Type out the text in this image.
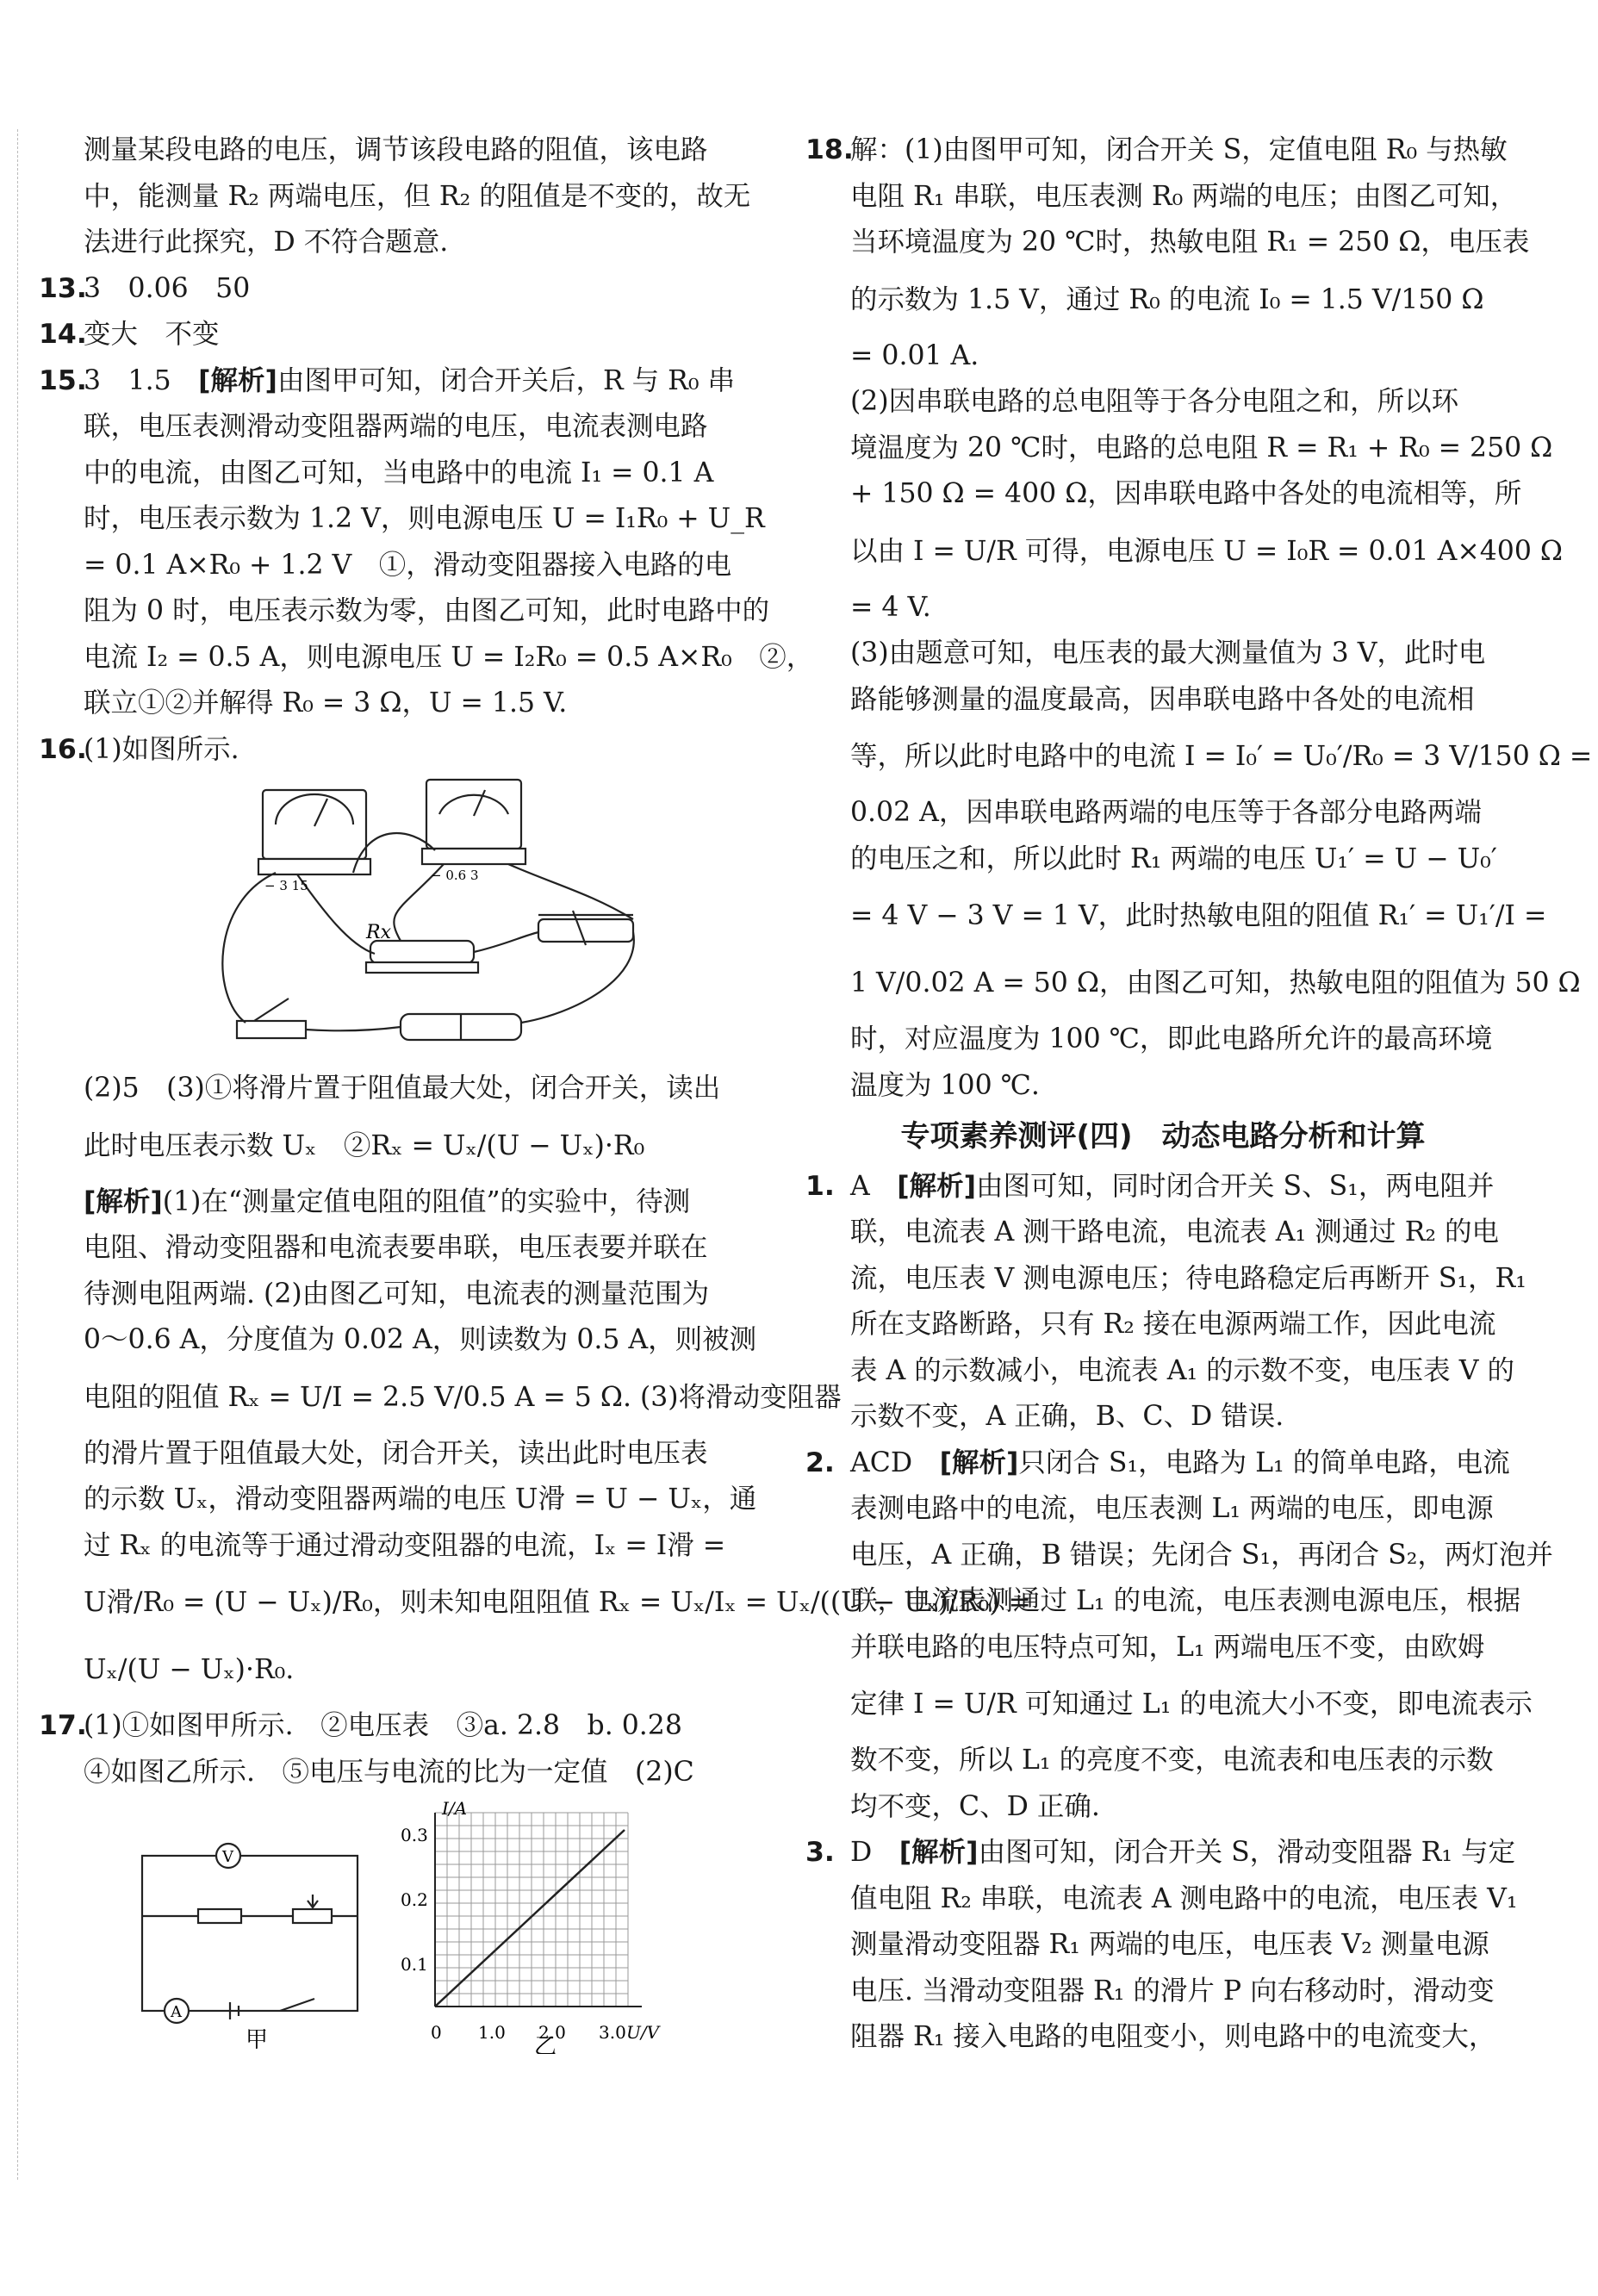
测量某段电路的电压，调节该段电路的阻值，该电路
中，能测量 R₂ 两端电压，但 R₂ 的阻值是不变的，故无
法进行此探究，D 不符合题意.
13.
3　0.06　50
14.
变大　不变
15.
3　1.5　[解析]由图甲可知，闭合开关后，R 与 R₀ 串
联，电压表测滑动变阻器两端的电压，电流表测电路
中的电流，由图乙可知，当电路中的电流 I₁ = 0.1 A
时，电压表示数为 1.2 V，则电源电压 U = I₁R₀ + U_R
= 0.1 A×R₀ + 1.2 V　①，滑动变阻器接入电路的电
阻为 0 时，电压表示数为零，由图乙可知，此时电路中的
电流 I₂ = 0.5 A，则电源电压 U = I₂R₀ = 0.5 A×R₀　②，
联立①②并解得 R₀ = 3 Ω，U = 1.5 V.
16.
(1)如图所示.
Rx
− 3 15
− 0.6 3
(2)5　(3)①将滑片置于阻值最大处，闭合开关，读出
此时电压表示数 Uₓ　②Rₓ = Uₓ/(U − Uₓ)·R₀
[解析](1)在“测量定值电阻的阻值”的实验中，待测
电阻、滑动变阻器和电流表要串联，电压表要并联在
待测电阻两端. (2)由图乙可知，电流表的测量范围为
0～0.6 A，分度值为 0.02 A，则读数为 0.5 A，则被测
电阻的阻值 Rₓ = U/I = 2.5 V/0.5 A = 5 Ω. (3)将滑动变阻器
的滑片置于阻值最大处，闭合开关，读出此时电压表
的示数 Uₓ，滑动变阻器两端的电压 U滑 = U − Uₓ，通
过 Rₓ 的电流等于通过滑动变阻器的电流，Iₓ = I滑 =
U滑/R₀ = (U − Uₓ)/R₀，则未知电阻阻值 Rₓ = Uₓ/Iₓ = Uₓ/((U − Uₓ)/R₀) =
Uₓ/(U − Uₓ)·R₀.
17.
(1)①如图甲所示.　②电压表　③a. 2.8　b. 0.28
④如图乙所示.　⑤电压与电流的比为一定值　(2)C
V
A
甲
I/A
U/V
0.3
0.2
0.1
0 1.0 2.0 3.0
乙
18.
解：(1)由图甲可知，闭合开关 S，定值电阻 R₀ 与热敏
电阻 R₁ 串联，电压表测 R₀ 两端的电压；由图乙可知，
当环境温度为 20 ℃时，热敏电阻 R₁ = 250 Ω，电压表
的示数为 1.5 V，通过 R₀ 的电流 I₀ = 1.5 V/150 Ω
= 0.01 A.
(2)因串联电路的总电阻等于各分电阻之和，所以环
境温度为 20 ℃时，电路的总电阻 R = R₁ + R₀ = 250 Ω
+ 150 Ω = 400 Ω，因串联电路中各处的电流相等，所
以由 I = U/R 可得，电源电压 U = I₀R = 0.01 A×400 Ω
= 4 V.
(3)由题意可知，电压表的最大测量值为 3 V，此时电
路能够测量的温度最高，因串联电路中各处的电流相
等，所以此时电路中的电流 I = I₀′ = U₀′/R₀ = 3 V/150 Ω =
0.02 A，因串联电路两端的电压等于各部分电路两端
的电压之和，所以此时 R₁ 两端的电压 U₁′ = U − U₀′
= 4 V − 3 V = 1 V，此时热敏电阻的阻值 R₁′ = U₁′/I =
1 V/0.02 A = 50 Ω，由图乙可知，热敏电阻的阻值为 50 Ω
时，对应温度为 100 ℃，即此电路所允许的最高环境
温度为 100 ℃.
专项素养测评(四)　动态电路分析和计算
1. A　[解析]由图可知，同时闭合开关 S、S₁，两电阻并
联，电流表 A 测干路电流，电流表 A₁ 测通过 R₂ 的电
流，电压表 V 测电源电压；待电路稳定后再断开 S₁，R₁
所在支路断路，只有 R₂ 接在电源两端工作，因此电流
表 A 的示数减小，电流表 A₁ 的示数不变，电压表 V 的
示数不变，A 正确，B、C、D 错误.
2. ACD　[解析]只闭合 S₁，电路为 L₁ 的简单电路，电流
表测电路中的电流，电压表测 L₁ 两端的电压，即电源
电压，A 正确，B 错误；先闭合 S₁，再闭合 S₂，两灯泡并
联，电流表测通过 L₁ 的电流，电压表测电源电压，根据
并联电路的电压特点可知，L₁ 两端电压不变，由欧姆
定律 I = U/R 可知通过 L₁ 的电流大小不变，即电流表示
数不变，所以 L₁ 的亮度不变，电流表和电压表的示数
均不变，C、D 正确.
3. D　[解析]由图可知，闭合开关 S，滑动变阻器 R₁ 与定
值电阻 R₂ 串联，电流表 A 测电路中的电流，电压表 V₁
测量滑动变阻器 R₁ 两端的电压，电压表 V₂ 测量电源
电压. 当滑动变阻器 R₁ 的滑片 P 向右移动时，滑动变
阻器 R₁ 接入电路的电阻变小，则电路中的电流变大，
